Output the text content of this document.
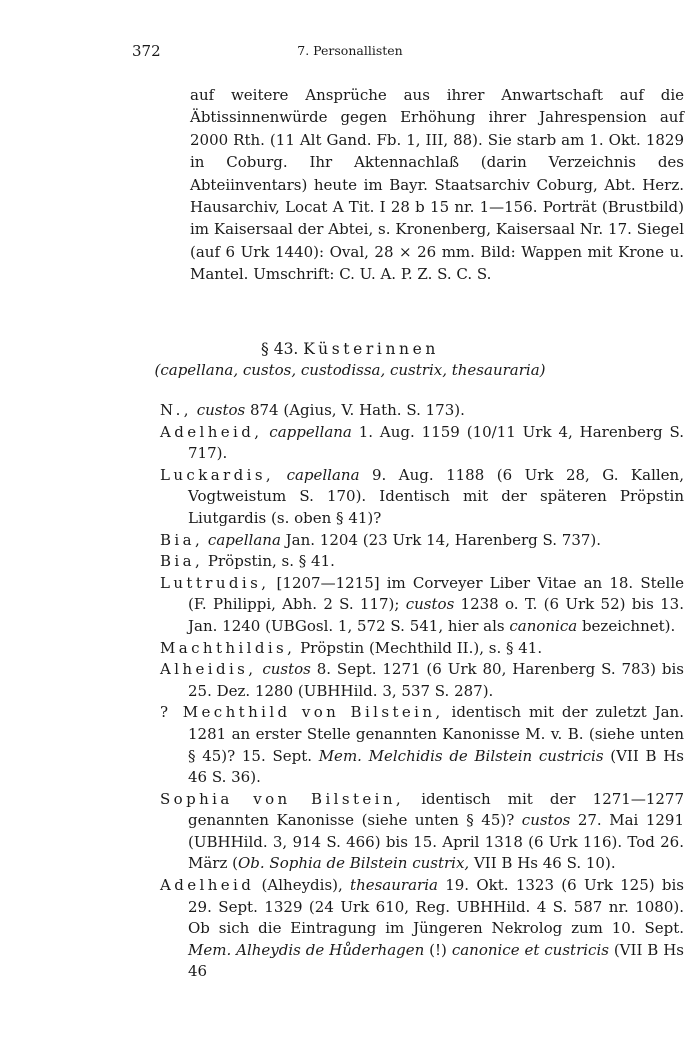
372	7. Personallisten

auf weitere Ansprüche aus ihrer Anwartschaft auf die Äbtissinnenwürde gegen Erhöhung ihrer Jahrespension auf 2000 Rth. (11 Alt Gand. Fb. 1, III, 88). Sie starb am 1. Okt. 1829 in Coburg. Ihr Aktennachlaß (darin Verzeichnis des Abteiinventars) heute im Bayr. Staatsarchiv Coburg, Abt. Herz. Hausarchiv, Locat A Tit. I 28 b 15 nr. 1—156. Porträt (Brustbild) im Kaisersaal der Abtei, s. Kronenberg, Kaisersaal Nr. 17. Siegel (auf 6 Urk 1440): Oval, 28 × 26 mm. Bild: Wappen mit Krone u. Mantel. Umschrift: C. U. A. P. Z. S. C. S.

§ 43. Küsterinnen
(capellana, custos, custodissa, custrix, thesauraria)
N., custos 874 (Agius, V. Hath. S. 173).
Adelheid, cappellana 1. Aug. 1159 (10/11 Urk 4, Harenberg S. 717).
Luckardis, capellana 9. Aug. 1188 (6 Urk 28, G. Kallen, Vogtweistum S. 170). Identisch mit der späteren Pröpstin Liutgardis (s. oben § 41)?
Bia, capellana Jan. 1204 (23 Urk 14, Harenberg S. 737).
Bia, Pröpstin, s. § 41.
Luttrudis, [1207—1215] im Corveyer Liber Vitae an 18. Stelle (F. Philippi, Abh. 2 S. 117); custos 1238 o. T. (6 Urk 52) bis 13. Jan. 1240 (UBGosl. 1, 572 S. 541, hier als canonica bezeichnet).
Machthildis, Pröpstin (Mechthild II.), s. § 41.
Alheidis, custos 8. Sept. 1271 (6 Urk 80, Harenberg S. 783) bis 25. Dez. 1280 (UBHHild. 3, 537 S. 287).
? Mechthild von Bilstein, identisch mit der zuletzt Jan. 1281 an erster Stelle genannten Kanonisse M. v. B. (siehe unten § 45)? 15. Sept. Mem. Melchidis de Bilstein custricis (VII B Hs 46 S. 36).
Sophia von Bilstein, identisch mit der 1271—1277 genannten Kanonisse (siehe unten § 45)? custos 27. Mai 1291 (UBHHild. 3, 914 S. 466) bis 15. April 1318 (6 Urk 116). Tod 26. März (Ob. Sophia de Bilstein custrix, VII B Hs 46 S. 10).
Adelheid (Alheydis), thesauraria 19. Okt. 1323 (6 Urk 125) bis 29. Sept. 1329 (24 Urk 610, Reg. UBHHild. 4 S. 587 nr. 1080). Ob sich die Eintragung im Jüngeren Nekrolog zum 10. Sept. Mem. Alheydis de Hůderhagen (!) canonice et custricis (VII B Hs 46
